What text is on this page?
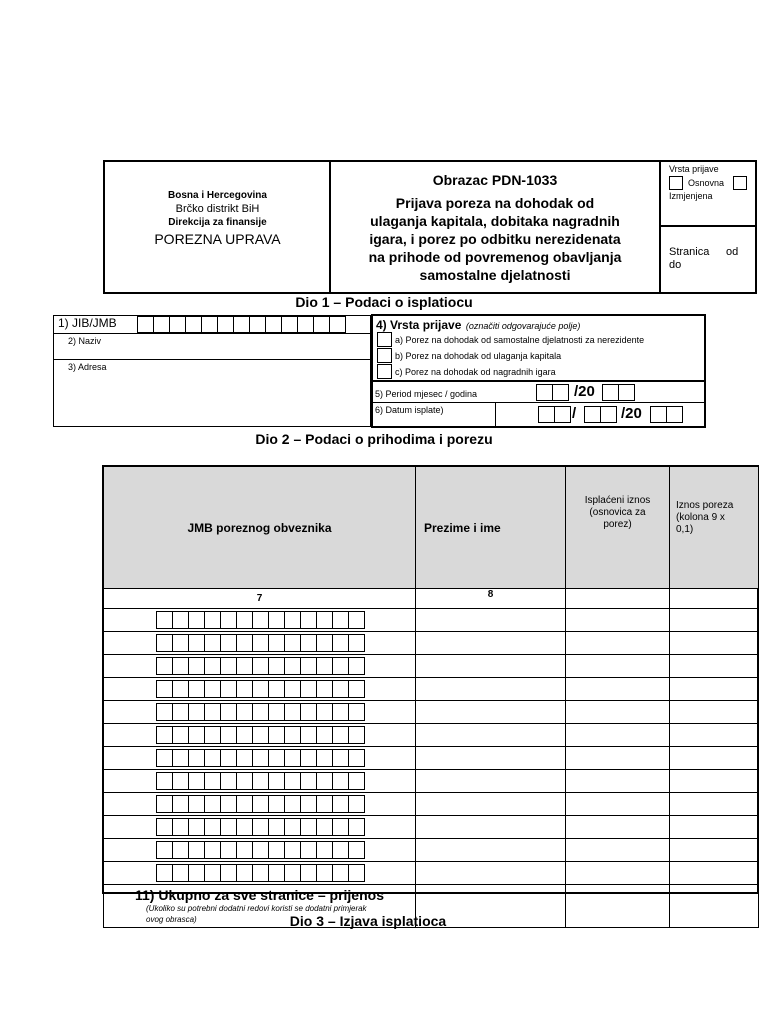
Bosna i Hercegovina
Brčko distrikt BiH
Direkcija za finansije
POREZNA UPRAVA
Obrazac PDN-1033
Prijava poreza na dohodak od
ulaganja kapitala, dobitaka nagradnih
igara, i porez po odbitku nerezidenata
na prihode od povremenog obavljanja
samostalne djelatnosti
Vrsta prijave
Osnovna
Izmjenjena
Stranica od
do
Dio 1 – Podaci o isplatiocu
1) JIB/JMB
2) Naziv
3) Adresa
4) Vrsta prijave (označiti odgovarajuće polje)
a) Porez na dohodak od samostalne djelatnosti za nerezidente
b) Porez na dohodak od ulaganja kapitala
c) Porez na dohodak od nagradnih igara
5) Period mjesec / godina	/20
6) Datum isplate)	/	/20
Dio 2 – Podaci o prihodima i porezu
JMB poreznog obveznika	Prezime i ime	Isplaćeni iznos (osnovica za porez)	Iznos poreza (kolona 9 x 0,1)

7	8		

11) Ukupno za sve stranice – prijenos
(Ukoliko su potrebni dodatni redovi koristi se dodatni primjerak ovog obrasca)			
				Dio 3 – Izjava isplatioca
